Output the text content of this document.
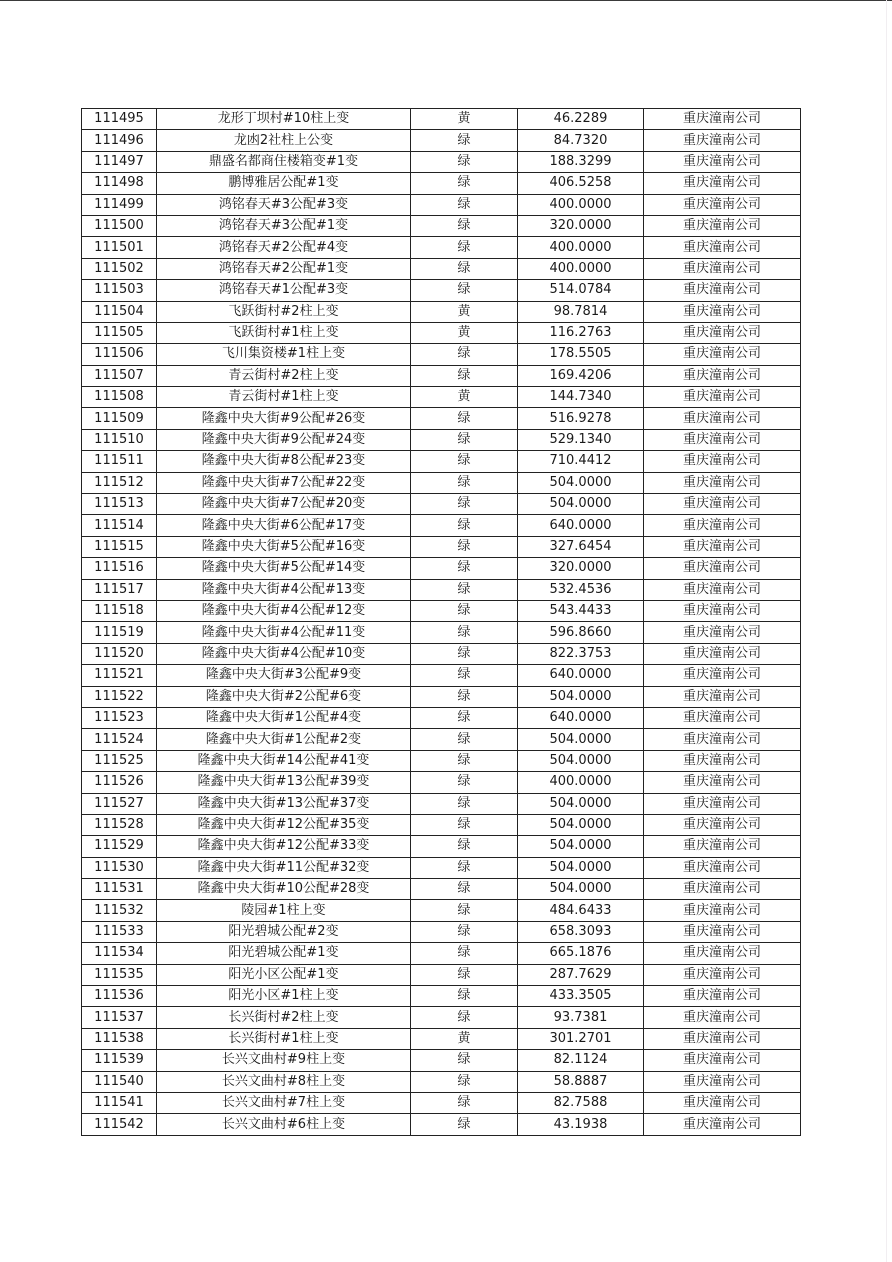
111495	龙形丁坝村#10柱上变	黄	46.2289	重庆潼南公司
111496	龙凼2社柱上公变	绿	84.7320	重庆潼南公司
111497	鼎盛名都商住楼箱变#1变	绿	188.3299	重庆潼南公司
111498	鹏博雅居公配#1变	绿	406.5258	重庆潼南公司
111499	鸿铭春天#3公配#3变	绿	400.0000	重庆潼南公司
111500	鸿铭春天#3公配#1变	绿	320.0000	重庆潼南公司
111501	鸿铭春天#2公配#4变	绿	400.0000	重庆潼南公司
111502	鸿铭春天#2公配#1变	绿	400.0000	重庆潼南公司
111503	鸿铭春天#1公配#3变	绿	514.0784	重庆潼南公司
111504	飞跃街村#2柱上变	黄	98.7814	重庆潼南公司
111505	飞跃街村#1柱上变	黄	116.2763	重庆潼南公司
111506	飞川集资楼#1柱上变	绿	178.5505	重庆潼南公司
111507	青云街村#2柱上变	绿	169.4206	重庆潼南公司
111508	青云街村#1柱上变	黄	144.7340	重庆潼南公司
111509	隆鑫中央大街#9公配#26变	绿	516.9278	重庆潼南公司
111510	隆鑫中央大街#9公配#24变	绿	529.1340	重庆潼南公司
111511	隆鑫中央大街#8公配#23变	绿	710.4412	重庆潼南公司
111512	隆鑫中央大街#7公配#22变	绿	504.0000	重庆潼南公司
111513	隆鑫中央大街#7公配#20变	绿	504.0000	重庆潼南公司
111514	隆鑫中央大街#6公配#17变	绿	640.0000	重庆潼南公司
111515	隆鑫中央大街#5公配#16变	绿	327.6454	重庆潼南公司
111516	隆鑫中央大街#5公配#14变	绿	320.0000	重庆潼南公司
111517	隆鑫中央大街#4公配#13变	绿	532.4536	重庆潼南公司
111518	隆鑫中央大街#4公配#12变	绿	543.4433	重庆潼南公司
111519	隆鑫中央大街#4公配#11变	绿	596.8660	重庆潼南公司
111520	隆鑫中央大街#4公配#10变	绿	822.3753	重庆潼南公司
111521	隆鑫中央大街#3公配#9变	绿	640.0000	重庆潼南公司
111522	隆鑫中央大街#2公配#6变	绿	504.0000	重庆潼南公司
111523	隆鑫中央大街#1公配#4变	绿	640.0000	重庆潼南公司
111524	隆鑫中央大街#1公配#2变	绿	504.0000	重庆潼南公司
111525	隆鑫中央大街#14公配#41变	绿	504.0000	重庆潼南公司
111526	隆鑫中央大街#13公配#39变	绿	400.0000	重庆潼南公司
111527	隆鑫中央大街#13公配#37变	绿	504.0000	重庆潼南公司
111528	隆鑫中央大街#12公配#35变	绿	504.0000	重庆潼南公司
111529	隆鑫中央大街#12公配#33变	绿	504.0000	重庆潼南公司
111530	隆鑫中央大街#11公配#32变	绿	504.0000	重庆潼南公司
111531	隆鑫中央大街#10公配#28变	绿	504.0000	重庆潼南公司
111532	陵园#1柱上变	绿	484.6433	重庆潼南公司
111533	阳光碧城公配#2变	绿	658.3093	重庆潼南公司
111534	阳光碧城公配#1变	绿	665.1876	重庆潼南公司
111535	阳光小区公配#1变	绿	287.7629	重庆潼南公司
111536	阳光小区#1柱上变	绿	433.3505	重庆潼南公司
111537	长兴街村#2柱上变	绿	93.7381	重庆潼南公司
111538	长兴街村#1柱上变	黄	301.2701	重庆潼南公司
111539	长兴文曲村#9柱上变	绿	82.1124	重庆潼南公司
111540	长兴文曲村#8柱上变	绿	58.8887	重庆潼南公司
111541	长兴文曲村#7柱上变	绿	82.7588	重庆潼南公司
111542	长兴文曲村#6柱上变	绿	43.1938	重庆潼南公司
